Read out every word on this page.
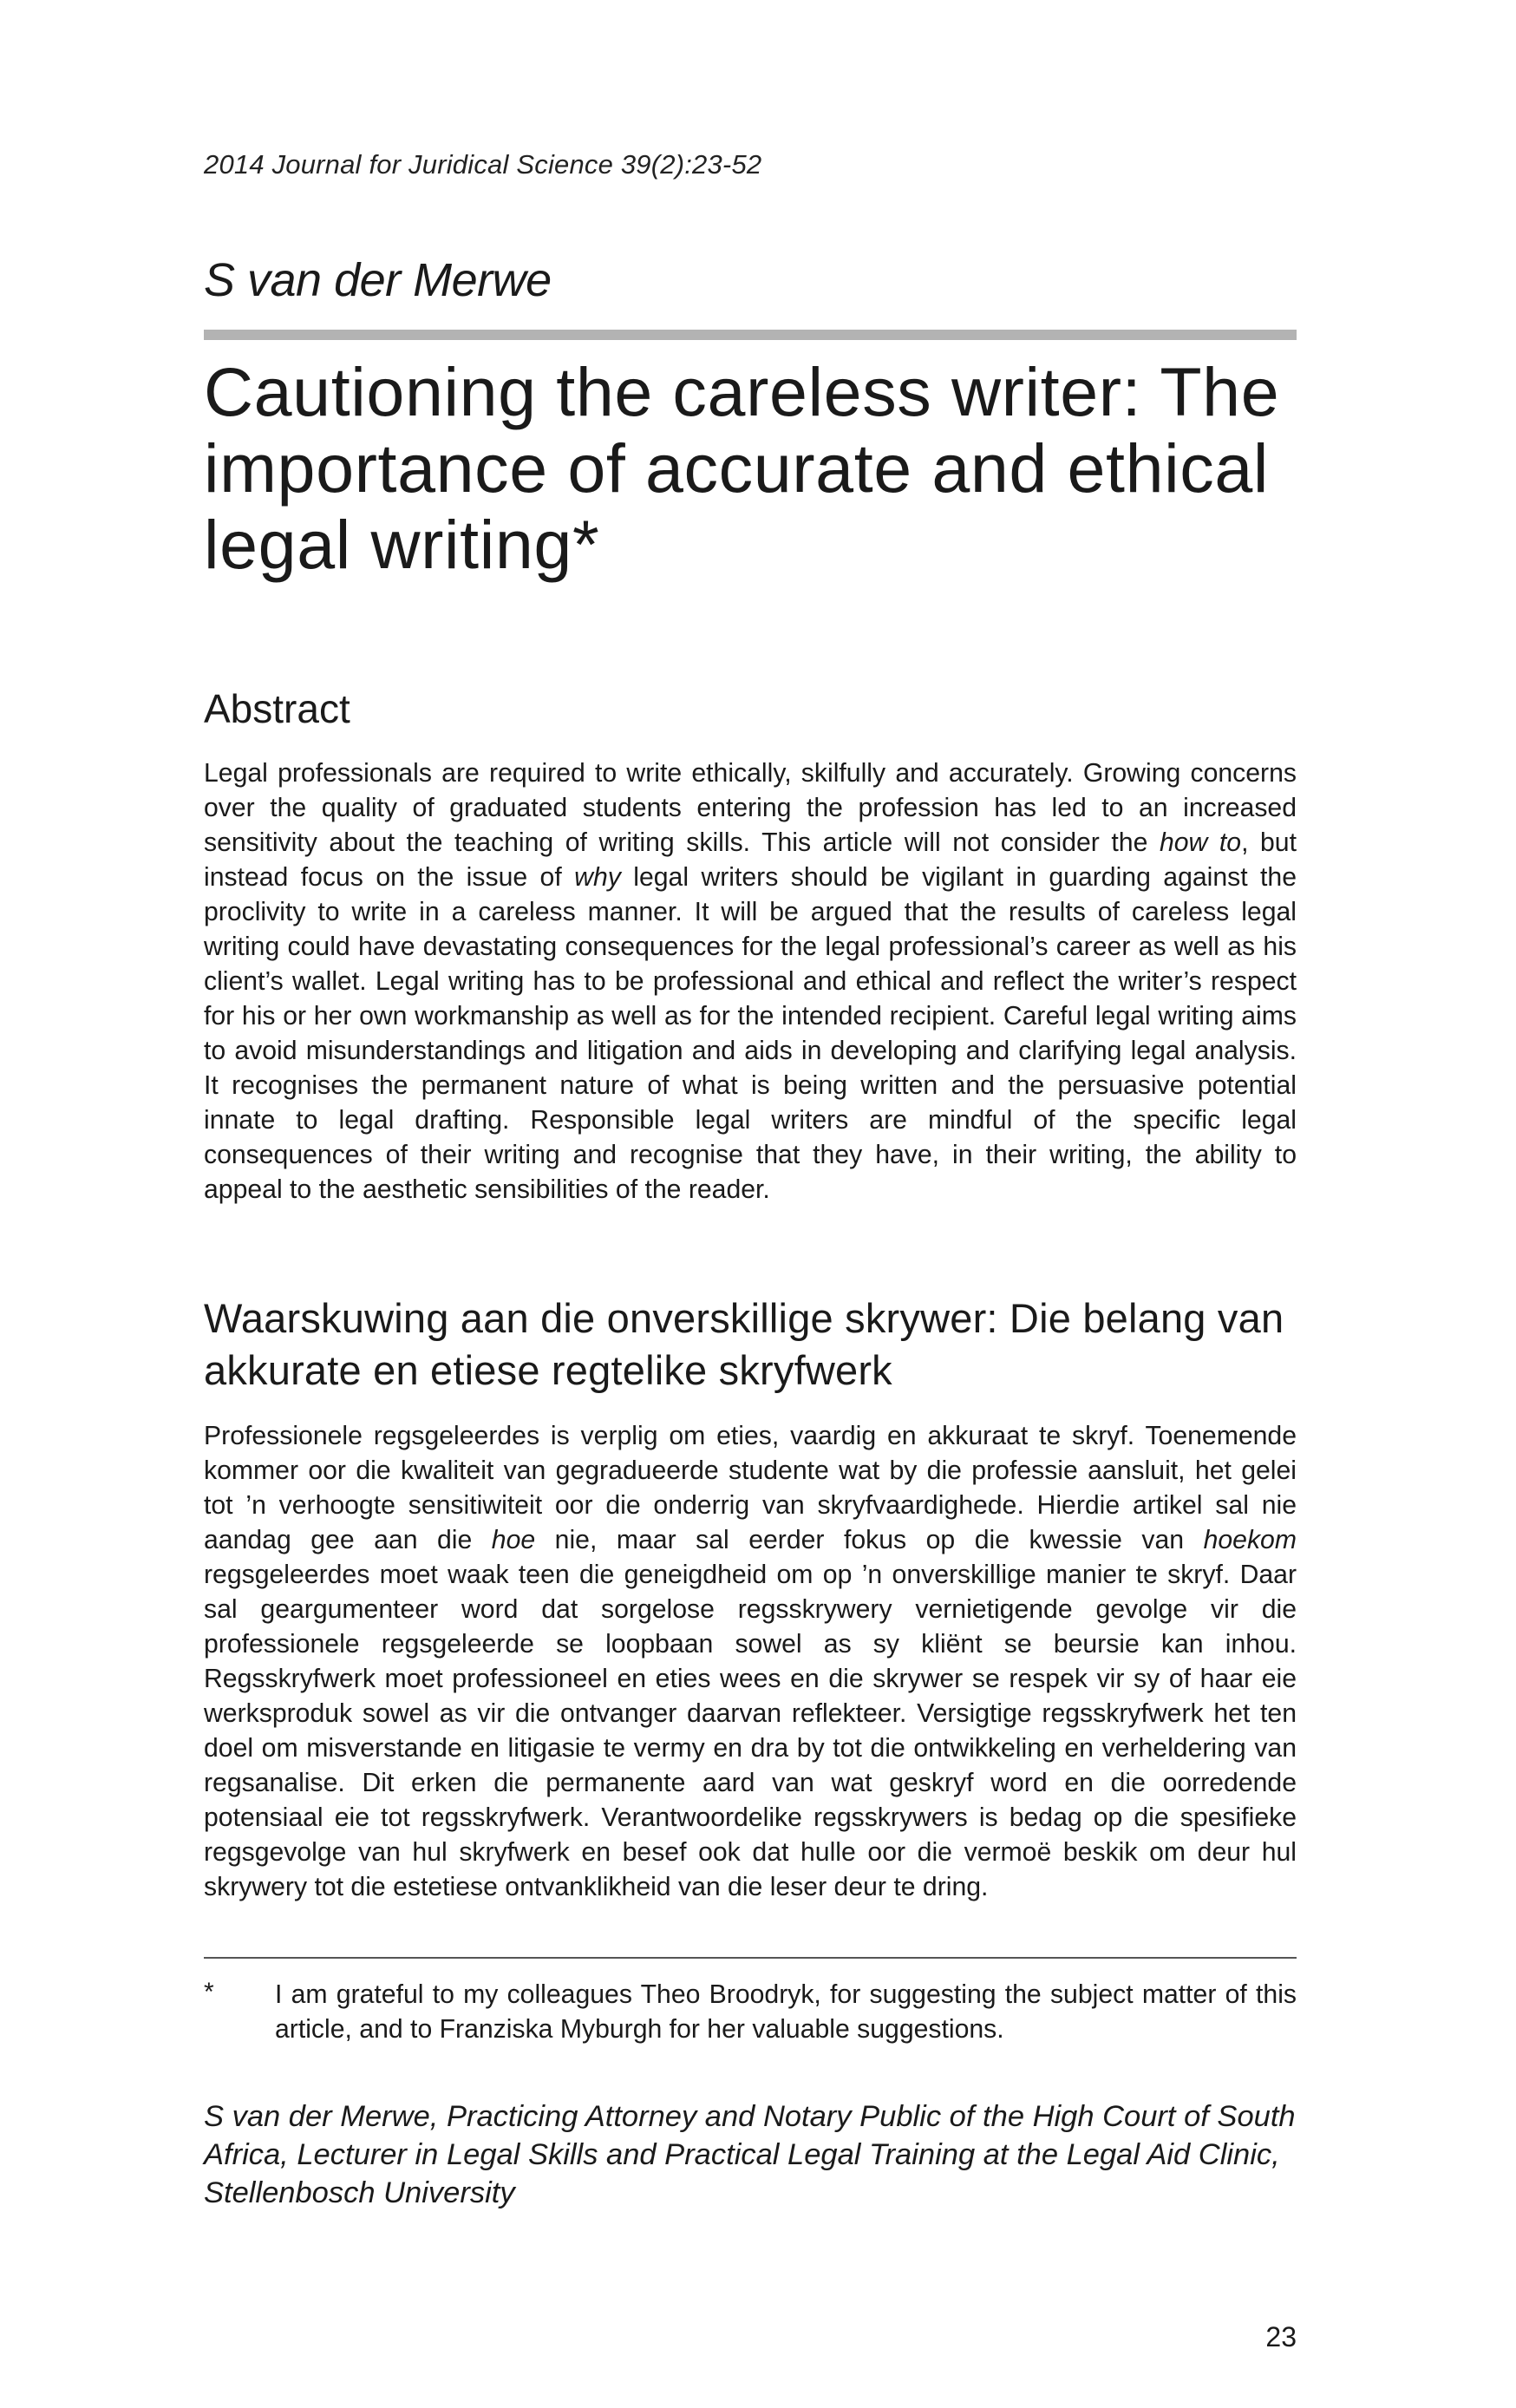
2014 Journal for Juridical Science 39(2):23-52
S van der Merwe
Cautioning the careless writer: The importance of accurate and ethical legal writing*
Abstract

Legal professionals are required to write ethically, skilfully and accurately. Growing concerns over the quality of graduated students entering the profession has led to an increased sensitivity about the teaching of writing skills. This article will not consider the how to, but instead focus on the issue of why legal writers should be vigilant in guarding against the proclivity to write in a careless manner. It will be argued that the results of careless legal writing could have devastating consequences for the legal professional’s career as well as his client’s wallet. Legal writing has to be professional and ethical and reflect the writer’s respect for his or her own workmanship as well as for the intended recipient. Careful legal writing aims to avoid misunderstandings and litigation and aids in developing and clarifying legal analysis. It recognises the permanent nature of what is being written and the persuasive potential innate to legal drafting. Responsible legal writers are mindful of the specific legal consequences of their writing and recognise that they have, in their writing, the ability to appeal to the aesthetic sensibilities of the reader.

Waarskuwing aan die onverskillige skrywer: Die belang van akkurate en etiese regtelike skryfwerk

Professionele regsgeleerdes is verplig om eties, vaardig en akkuraat te skryf. Toenemende kommer oor die kwaliteit van gegradueerde studente wat by die professie aansluit, het gelei tot ’n verhoogte sensitiwiteit oor die onderrig van skryfvaardighede. Hierdie artikel sal nie aandag gee aan die hoe nie, maar sal eerder fokus op die kwessie van hoekom regsgeleerdes moet waak teen die geneigdheid om op ’n onverskillige manier te skryf. Daar sal geargumenteer word dat sorgelose regsskrywery vernietigende gevolge vir die professionele regsgeleerde se loopbaan sowel as sy kliënt se beursie kan inhou. Regsskryfwerk moet professioneel en eties wees en die skrywer se respek vir sy of haar eie werksproduk sowel as vir die ontvanger daarvan reflekteer. Versigtige regsskryfwerk het ten doel om misverstande en litigasie te vermy en dra by tot die ontwikkeling en verheldering van regsanalise. Dit erken die permanente aard van wat geskryf word en die oorredende potensiaal eie tot regsskryfwerk. Verantwoordelike regsskrywers is bedag op die spesifieke regsgevolge van hul skryfwerk en besef ook dat hulle oor die vermoë beskik om deur hul skrywery tot die estetiese ontvanklikheid van die leser deur te dring.

* I am grateful to my colleagues Theo Broodryk, for suggesting the subject matter of this article, and to Franziska Myburgh for her valuable suggestions.

S van der Merwe, Practicing Attorney and Notary Public of the High Court of South Africa, Lecturer in Legal Skills and Practical Legal Training at the Legal Aid Clinic, Stellenbosch University

23
